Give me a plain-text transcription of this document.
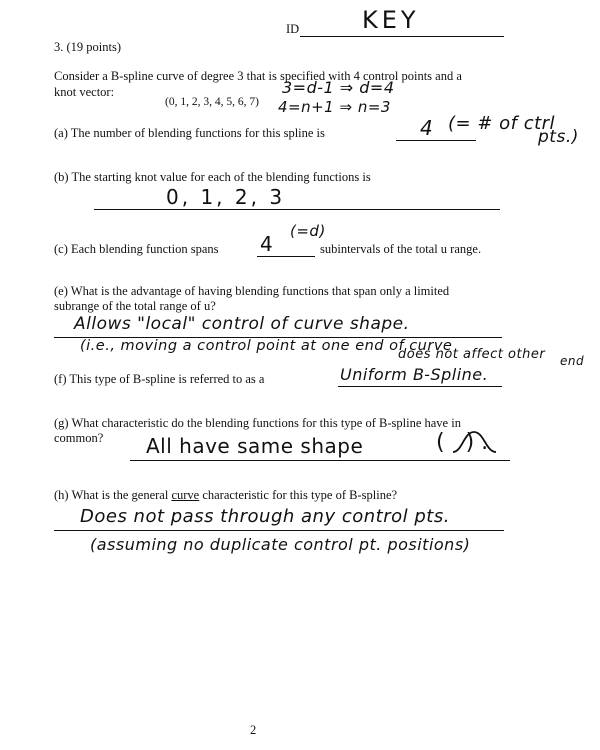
ID	KEY
3. (19 points)
Consider a B-spline curve of degree 3 that is specified with 4 control points and a
knot vector:
(0, 1, 2, 3, 4, 5, 6, 7)
3=d-1 ⇒ d=4
4=n+1 ⇒ n=3
(a) The number of blending functions for this spline is	4 (= # of ctrl
pts.)
(b) The starting knot value for each of the blending functions is
0, 1, 2, 3
(c) Each blending function spans 4
(=d)
subintervals of the total u range.
(e) What is the advantage of having blending functions that span only a limited
subrange of the total range of u?
Allows "local" control of curve shape.
(i.e., moving a control point at one end of curve
does not affect other end
(f) This type of B-spline is referred to as a	Uniform B-Spline.
(g) What characteristic do the blending functions for this type of B-spline have in
common? All have same shape	( ).
(h) What is the general curve characteristic for this type of B-spline?
Does not pass through any control pts.
(assuming no duplicate control pt. positions)
2
